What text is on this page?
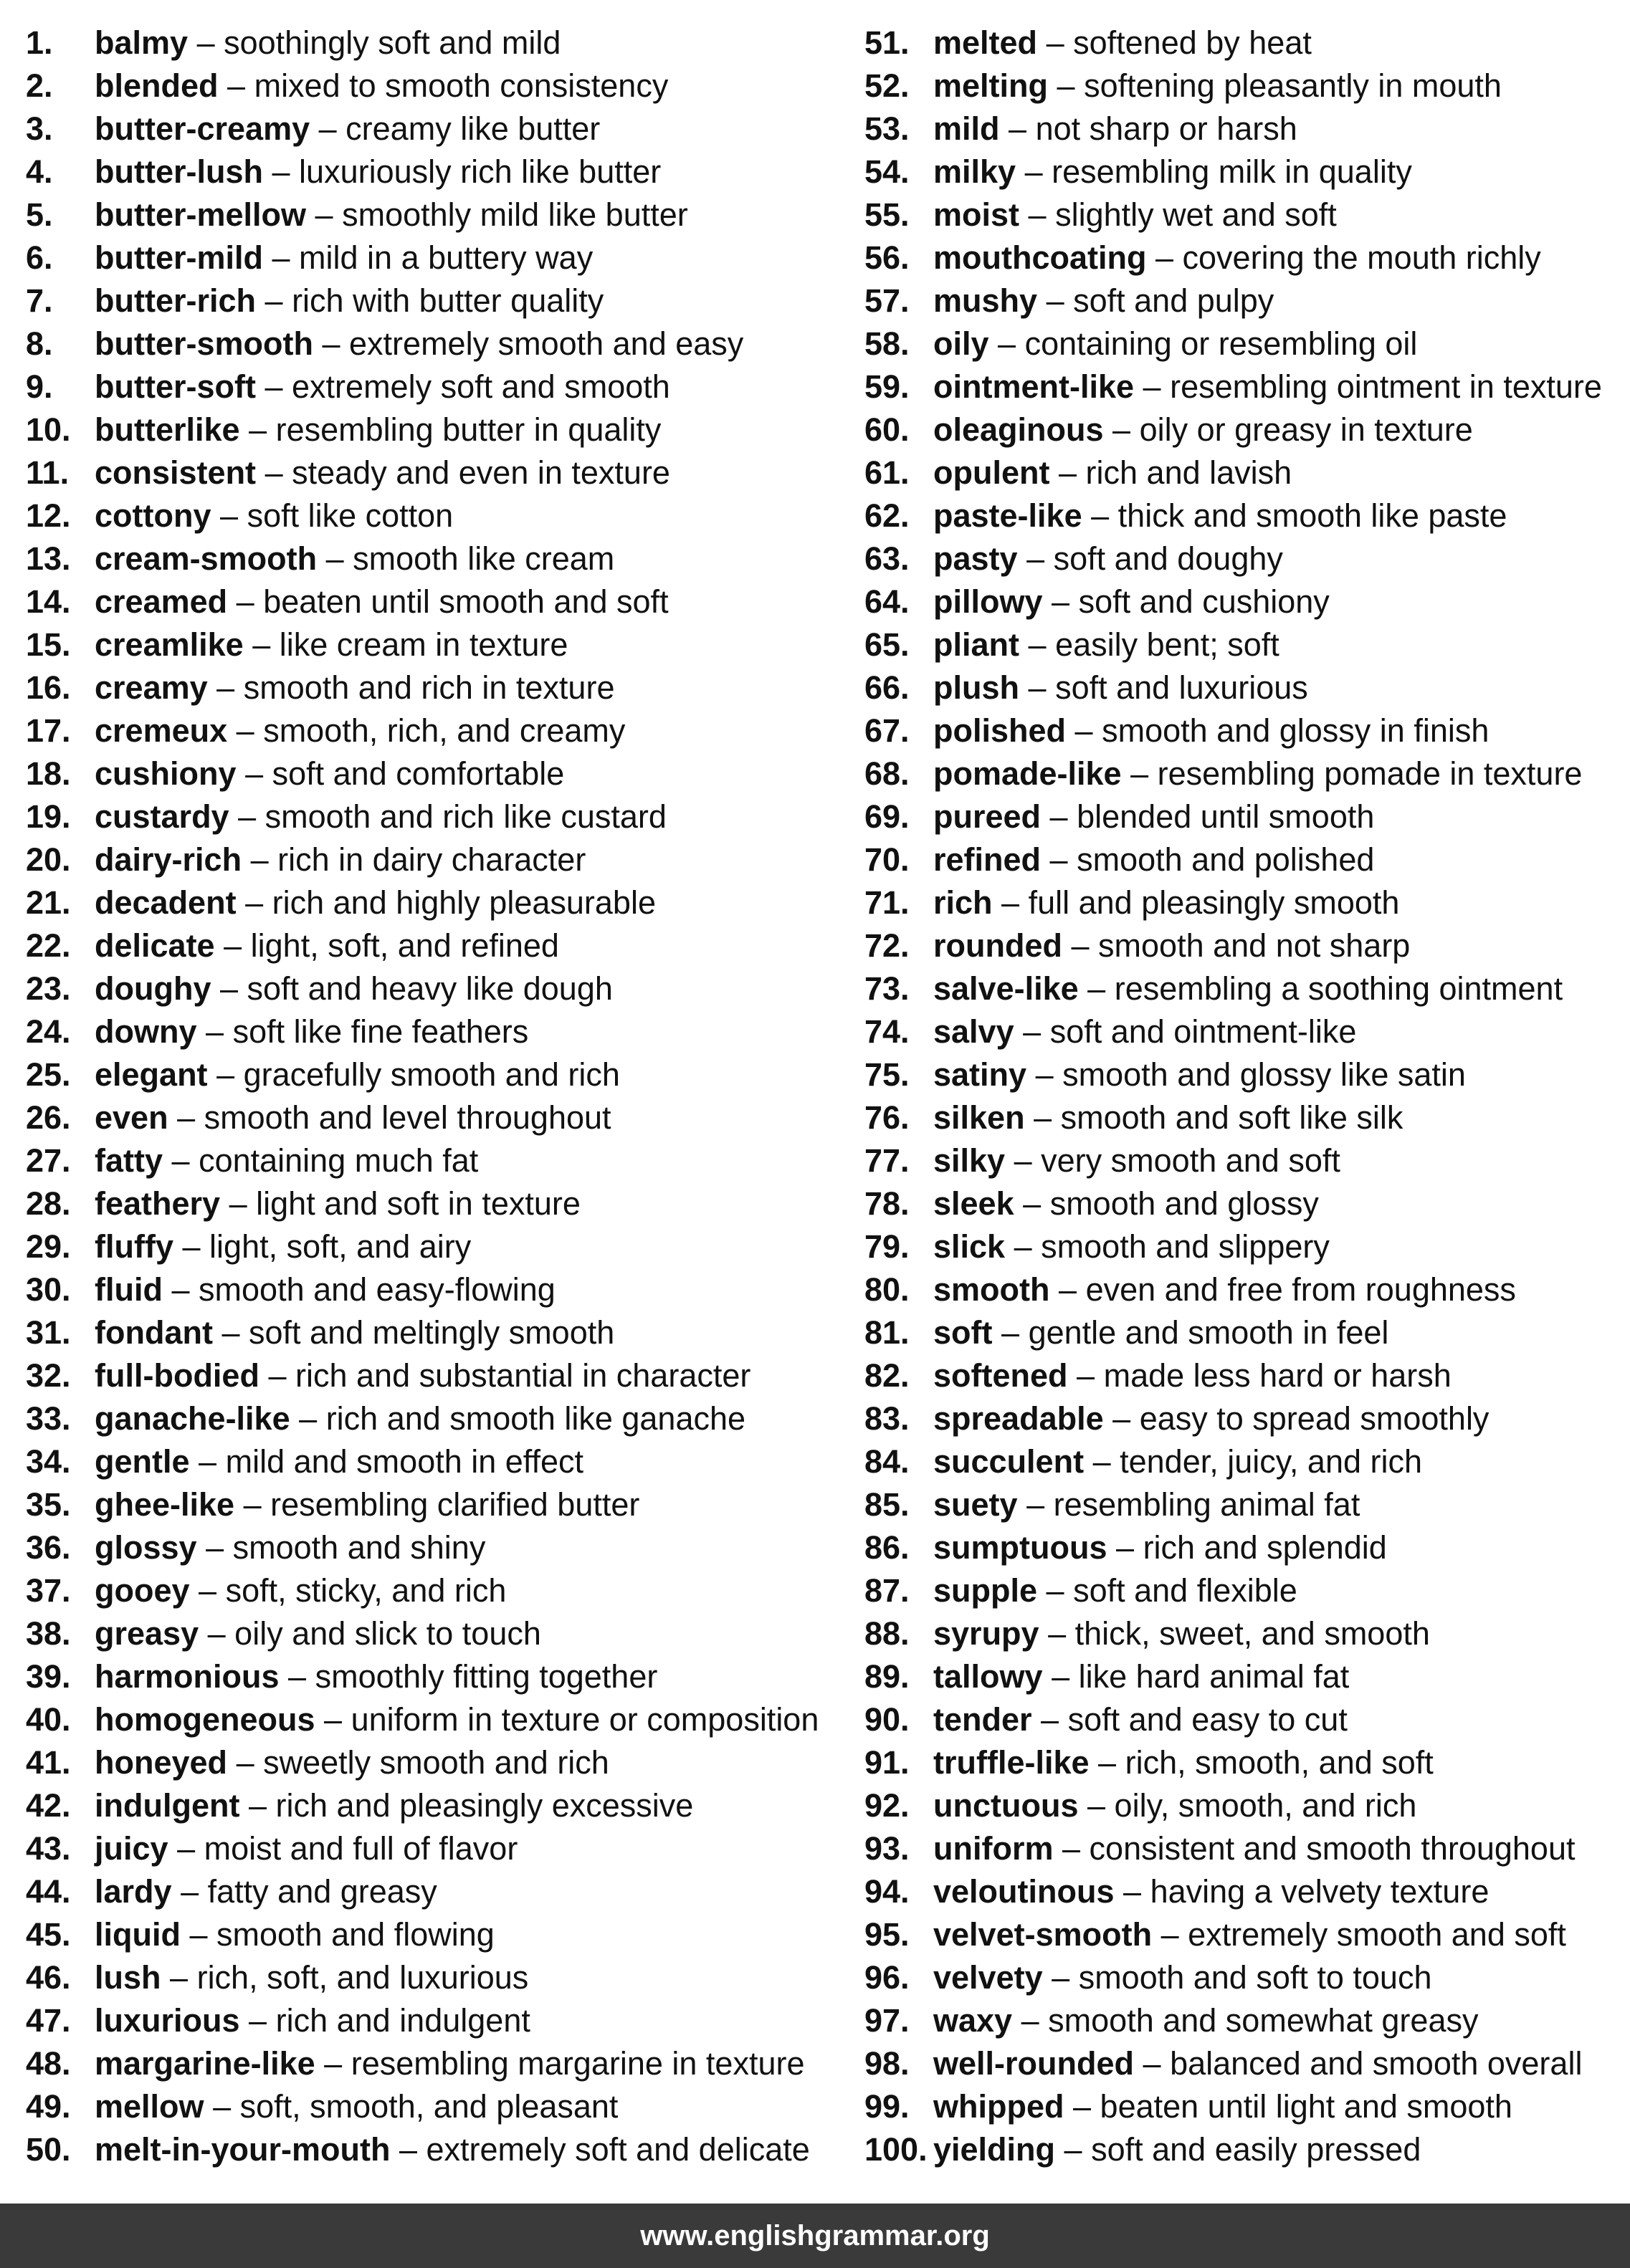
1.	balmy
–
soothingly soft and mild
2.	blended
–
mixed to smooth consistency
3.	butter-creamy
–
creamy like butter
4.	butter-lush
–
luxuriously rich like butter
5.	butter-mellow
–
smoothly mild like butter
6.	butter-mild
–
mild in a buttery way
7.	butter-rich
–
rich with butter quality
8.	butter-smooth
–
extremely smooth and easy
9.	butter-soft
–
extremely soft and smooth
10. butterlike
–
resembling butter in quality
11. consistent
–
steady and even in texture
12. cottony
–
soft like cotton
13. cream-smooth
–
smooth like cream
14. creamed
–
beaten until smooth and soft
15. creamlike
–
like cream in texture
16. creamy
–
smooth and rich in texture
17. cremeux
–
smooth, rich, and creamy
18. cushiony
–
soft and comfortable
19. custardy
–
smooth and rich like custard
20. dairy-rich
–
rich in dairy character
21. decadent
–
rich and highly pleasurable
22. delicate
–
light, soft, and refined
23. doughy
–
soft and heavy like dough
24. downy
–
soft like fine feathers
25. elegant
–
gracefully smooth and rich
26. even
–
smooth and level throughout
27. fatty
–
containing much fat
28. feathery
–
light and soft in texture
29. fluffy
–
light, soft, and airy
30. fluid
–
smooth and easy-flowing
31. fondant
–
soft and meltingly smooth
32. full-bodied
–
rich and substantial in character
33. ganache-like
–
rich and smooth like ganache
34. gentle
–
mild and smooth in effect
35. ghee-like
–
resembling clarified butter
36. glossy
–
smooth and shiny
37. gooey
–
soft, sticky, and rich
38. greasy
–
oily and slick to touch
39. harmonious
–
smoothly fitting together
40. homogeneous
–
uniform in texture or composition
41. honeyed
–
sweetly smooth and rich
42. indulgent
–
rich and pleasingly excessive
43. juicy
–
moist and full of flavor
44. lardy
–
fatty and greasy
45. liquid
–
smooth and flowing
46. lush
–
rich, soft, and luxurious
47. luxurious
–
rich and indulgent
48. margarine-like
–
resembling margarine in texture
49. mellow
–
soft, smooth, and pleasant
50. melt-in-your-mouth
–
extremely soft and delicate
51. melted
–
softened by heat
52. melting
–
softening pleasantly in mouth
53. mild
–
not sharp or harsh
54. milky
–
resembling milk in quality
55. moist
–
slightly wet and soft
56. mouthcoating
–
covering the mouth richly
57. mushy
–
soft and pulpy
58. oily
–
containing or resembling oil
59. ointment-like
–
resembling ointment in texture
60. oleaginous
–
oily or greasy in texture
61. opulent
–
rich and lavish
62. paste-like
–
thick and smooth like paste
63. pasty
–
soft and doughy
64. pillowy
–
soft and cushiony
65. pliant
–
easily bent; soft
66. plush
–
soft and luxurious
67. polished
–
smooth and glossy in finish
68. pomade-like
–
resembling pomade in texture
69. pureed
–
blended until smooth
70. refined
–
smooth and polished
71. rich
–
full and pleasingly smooth
72. rounded
–
smooth and not sharp
73. salve-like
–
resembling a soothing ointment
74. salvy
–
soft and ointment-like
75. satiny
–
smooth and glossy like satin
76. silken
–
smooth and soft like silk
77. silky
–
very smooth and soft
78. sleek
–
smooth and glossy
79. slick
–
smooth and slippery
80. smooth
–
even and free from roughness
81. soft
–
gentle and smooth in feel
82. softened
–
made less hard or harsh
83. spreadable
–
easy to spread smoothly
84. succulent
–
tender, juicy, and rich
85. suety
–
resembling animal fat
86. sumptuous
–
rich and splendid
87. supple
–
soft and flexible
88. syrupy
–
thick, sweet, and smooth
89. tallowy
–
like hard animal fat
90. tender
–
soft and easy to cut
91. truffle-like
–
rich, smooth, and soft
92. unctuous
–
oily, smooth, and rich
93. uniform
–
consistent and smooth throughout
94. veloutinous
–
having a velvety texture
95. velvet-smooth
–
extremely smooth and soft
96. velvety
–
smooth and soft to touch
97. waxy
–
smooth and somewhat greasy
98. well-rounded
–
balanced and smooth overall
99. whipped
–
beaten until light and smooth
100. yielding
–
soft and easily pressed
www.englishgrammar.org
